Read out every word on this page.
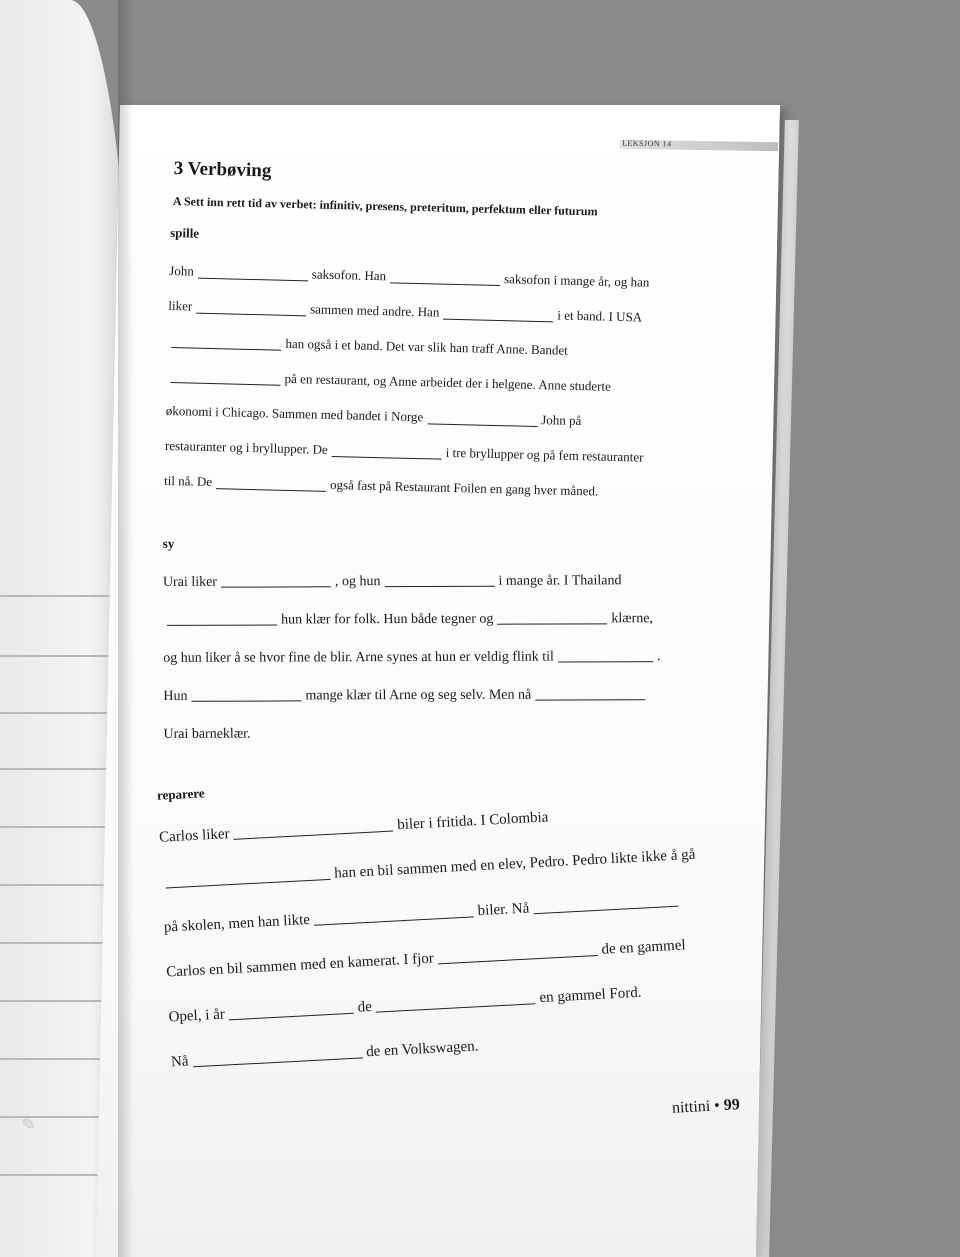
✎
LEKSJON 14
3 Verbøving
A Sett inn rett tid av verbet: infinitiv, presens, preteritum, perfektum eller futurum
spille
John	saksofon. Han	saksofon i mange år, og han
liker	sammen med andre. Han	i et band. I USA
han også i et band. Det var slik han traff Anne. Bandet
på en restaurant, og Anne arbeidet der i helgene. Anne studerte
økonomi i Chicago. Sammen med bandet i Norge	John på
restauranter og i bryllupper. De	i tre bryllupper og på fem restauranter
til nå. De	også fast på Restaurant Foilen en gang hver måned.
sy
Urai liker	, og hun	i mange år. I Thailand
hun klær for folk. Hun både tegner og	klærne,
og hun liker å se hvor fine de blir. Arne synes at hun er veldig flink til	.
Hun	mange klær til Arne og seg selv. Men nå
Urai barneklær.
reparere
Carlos likerbiler i fritida. I Colombia
han en bil sammen med en elev, Pedro. Pedro likte ikke å gå
på skolen, men han liktebiler. Nå
Carlos en bil sammen med en kamerat. I fjorde en gammel
Opel, i år	deen gammel Ford.
Nåde en Volkswagen.
nittini • 99
